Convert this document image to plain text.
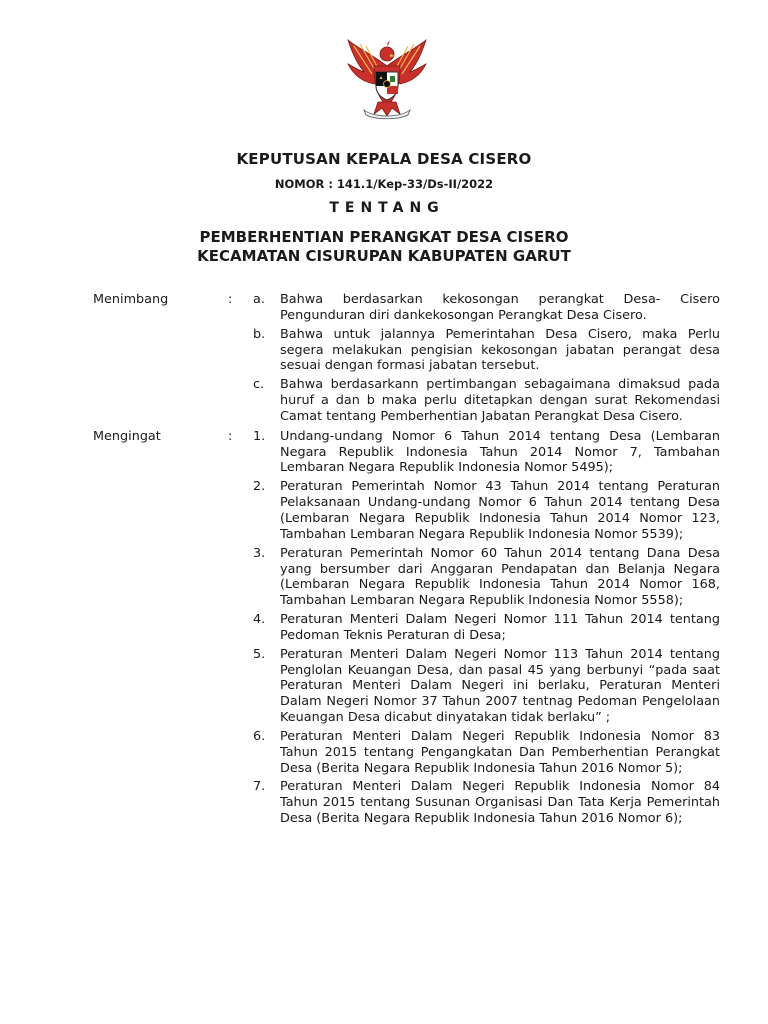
KEPUTUSAN KEPALA DESA CISERO
NOMOR : 141.1/Kep-33/Ds-II/2022
TENTANG
PEMBERHENTIAN PERANGKAT DESA CISERO
KECAMATAN CISURUPAN KABUPATEN GARUT
Menimbang	: a. Bahwa berdasarkan kekosongan perangkat Desa- Cisero Pengunduran diri dankekosongan Perangkat Desa Cisero.
b. Bahwa untuk jalannya Pemerintahan Desa Cisero, maka Perlu segera melakukan pengisian kekosongan jabatan perangat desa sesuai dengan formasi jabatan tersebut.
c. Bahwa berdasarkann pertimbangan sebagaimana dimaksud pada huruf a dan b maka perlu ditetapkan dengan surat Rekomendasi Camat tentang Pemberhentian Jabatan Perangkat Desa Cisero.
Mengingat	: 1. Undang-undang Nomor 6 Tahun 2014 tentang Desa (Lembaran Negara Republik Indonesia Tahun 2014 Nomor 7, Tambahan Lembaran Negara Republik Indonesia Nomor 5495);
2. Peraturan Pemerintah Nomor 43 Tahun 2014 tentang Peraturan Pelaksanaan Undang-undang Nomor 6 Tahun 2014 tentang Desa (Lembaran Negara Republik Indonesia Tahun 2014 Nomor 123, Tambahan Lembaran Negara Republik Indonesia Nomor 5539);
3. Peraturan Pemerintah Nomor 60 Tahun 2014 tentang Dana Desa yang bersumber dari Anggaran Pendapatan dan Belanja Negara (Lembaran Negara Republik Indonesia Tahun 2014 Nomor 168, Tambahan Lembaran Negara Republik Indonesia Nomor 5558);
4. Peraturan Menteri Dalam Negeri Nomor 111 Tahun 2014 tentang Pedoman Teknis Peraturan di Desa;
5. Peraturan Menteri Dalam Negeri Nomor 113 Tahun 2014 tentang Penglolan Keuangan Desa, dan pasal 45 yang berbunyi “pada saat Peraturan Menteri Dalam Negeri ini berlaku, Peraturan Menteri Dalam Negeri Nomor 37 Tahun 2007 tentnag Pedoman Pengelolaan Keuangan Desa dicabut dinyatakan tidak berlaku” ;
6. Peraturan Menteri Dalam Negeri Republik Indonesia Nomor 83 Tahun 2015 tentang Pengangkatan Dan Pemberhentian Perangkat Desa (Berita Negara Republik Indonesia Tahun 2016 Nomor 5);
7. Peraturan Menteri Dalam Negeri Republik Indonesia Nomor 84 Tahun 2015 tentang Susunan Organisasi Dan Tata Kerja Pemerintah Desa (Berita Negara Republik Indonesia Tahun 2016 Nomor 6);
